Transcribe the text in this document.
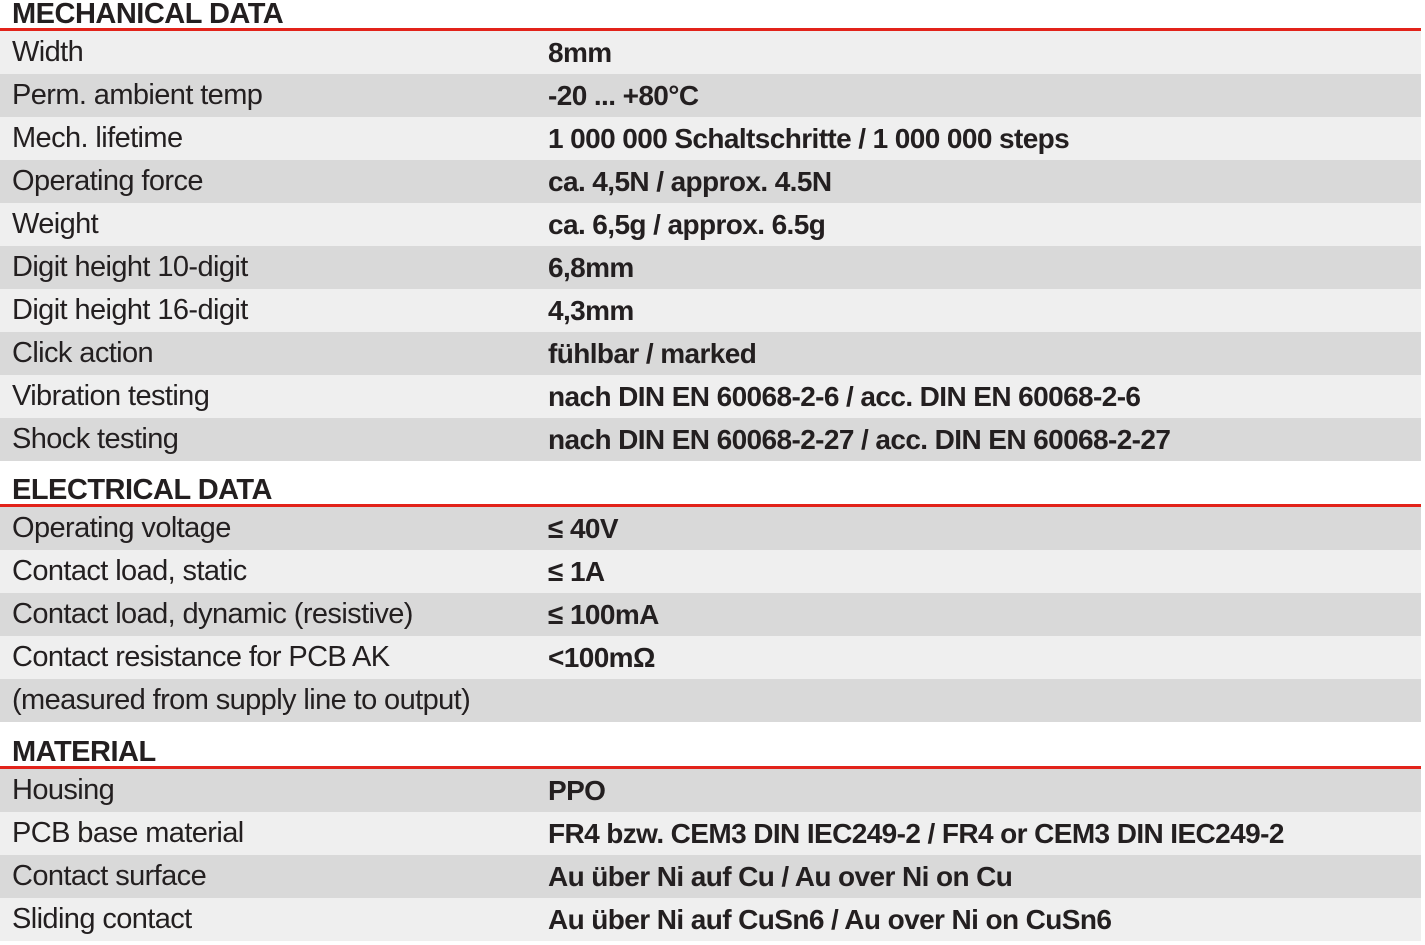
MECHANICAL DATA
Width	8mm
Perm. ambient temp	-20 ... +80°C
Mech. lifetime	1 000 000 Schaltschritte / 1 000 000 steps
Operating force	ca. 4,5N / approx. 4.5N
Weight	ca. 6,5g / approx. 6.5g
Digit height 10-digit	6,8mm
Digit height 16-digit	4,3mm
Click action	fühlbar / marked
Vibration testing	nach DIN EN 60068-2-6 / acc. DIN EN 60068-2-6
Shock testing	nach DIN EN 60068-2-27 / acc. DIN EN 60068-2-27
ELECTRICAL DATA
Operating voltage	≤ 40V
Contact load, static	≤ 1A
Contact load, dynamic (resistive)	≤ 100mA
Contact resistance for PCB AK	<100mΩ
(measured from supply line to output)
MATERIAL
Housing	PPO
PCB base material	FR4 bzw. CEM3 DIN IEC249-2 / FR4 or CEM3 DIN IEC249-2
Contact surface	Au über Ni auf Cu / Au over Ni on Cu
Sliding contact	Au über Ni auf CuSn6 / Au over Ni on CuSn6
